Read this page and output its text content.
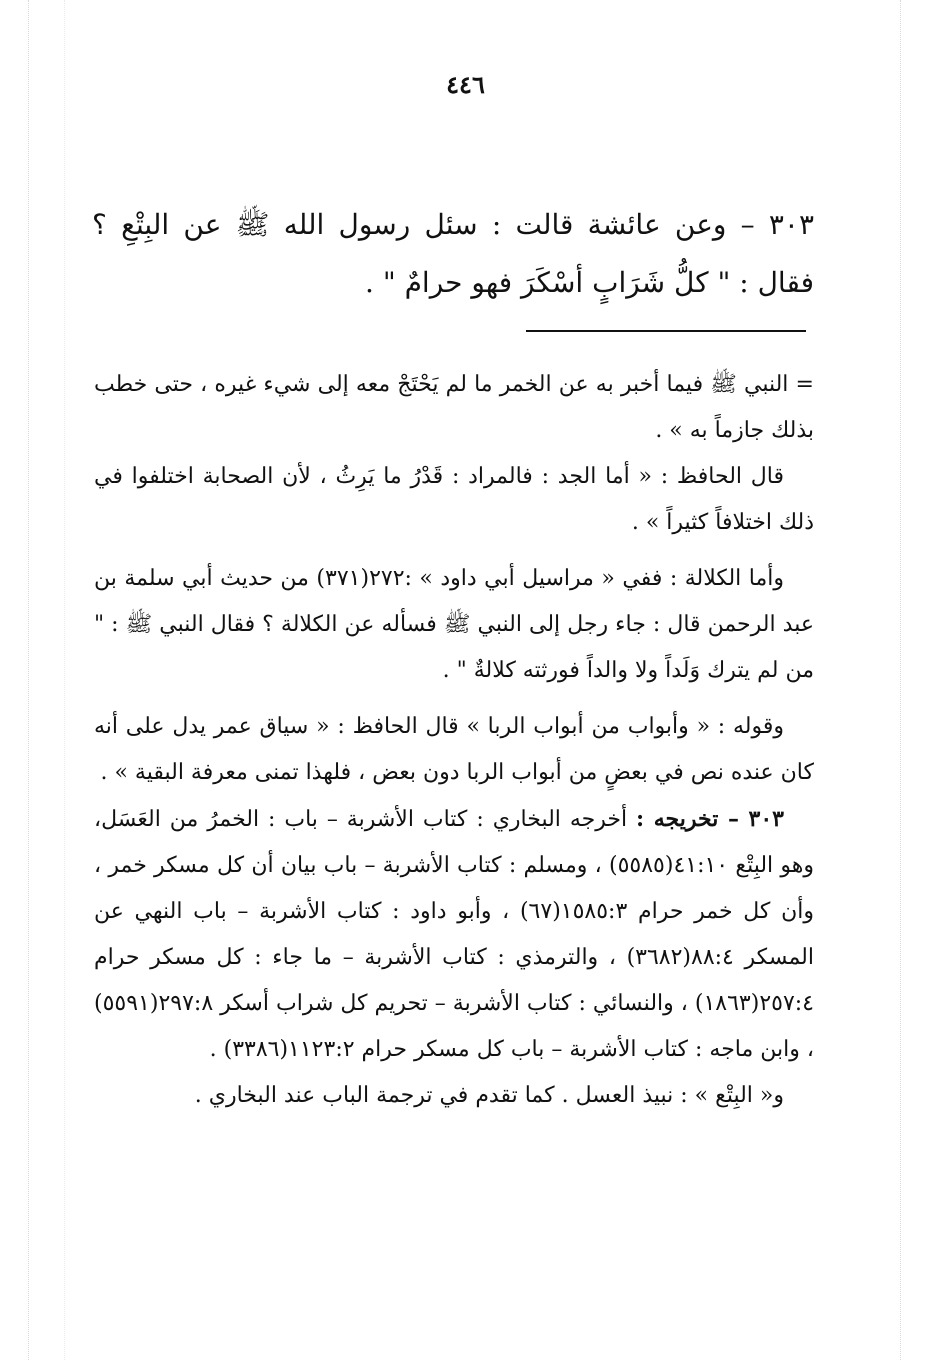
٤٤٦

٣٠٣ – وعن عائشة قالت : سئل رسول الله ﷺ عن البِتْعِ ؟ فقال : " كلُّ شَرَابٍ أسْكَرَ فهو حرامٌ " .

= النبي ﷺ فيما أخبر به عن الخمر ما لم يَحْتَجْ معه إلى شيء غيره ، حتى خطب بذلك جازماً به » .

قال الحافظ : « أما الجد : فالمراد : قَدْرُ ما يَرِثُ ، لأن الصحابة اختلفوا في ذلك اختلافاً كثيراً » .

وأما الكلالة : ففي « مراسيل أبي داود » :٢٧٢(٣٧١) من حديث أبي سلمة بن عبد الرحمن قال : جاء رجل إلى النبي ﷺ فسأله عن الكلالة ؟ فقال النبي ﷺ : " من لم يترك وَلَداً ولا والداً فورثته كلالةٌ " .

وقوله : « وأبواب من أبواب الربا » قال الحافظ : « سياق عمر يدل على أنه كان عنده نص في بعضٍ من أبواب الربا دون بعض ، فلهذا تمنى معرفة البقية » .

٣٠٣ – تخريجه : أخرجه البخاري : كتاب الأشربة – باب : الخمرُ من العَسَل، وهو البِتْع ٤١:١٠(٥٥٨٥) ، ومسلم : كتاب الأشربة – باب بيان أن كل مسكر خمر ، وأن كل خمر حرام ١٥٨٥:٣(٦٧) ، وأبو داود : كتاب الأشربة – باب النهي عن المسكر ٨٨:٤(٣٦٨٢) ، والترمذي : كتاب الأشربة – ما جاء : كل مسكر حرام ٢٥٧:٤(١٨٦٣) ، والنسائي : كتاب الأشربة – تحريم كل شراب أسكر ٢٩٧:٨(٥٥٩١) ، وابن ماجه : كتاب الأشربة – باب كل مسكر حرام ١١٢٣:٢(٣٣٨٦) .

و« البِتْع » : نبيذ العسل . كما تقدم في ترجمة الباب عند البخاري .
